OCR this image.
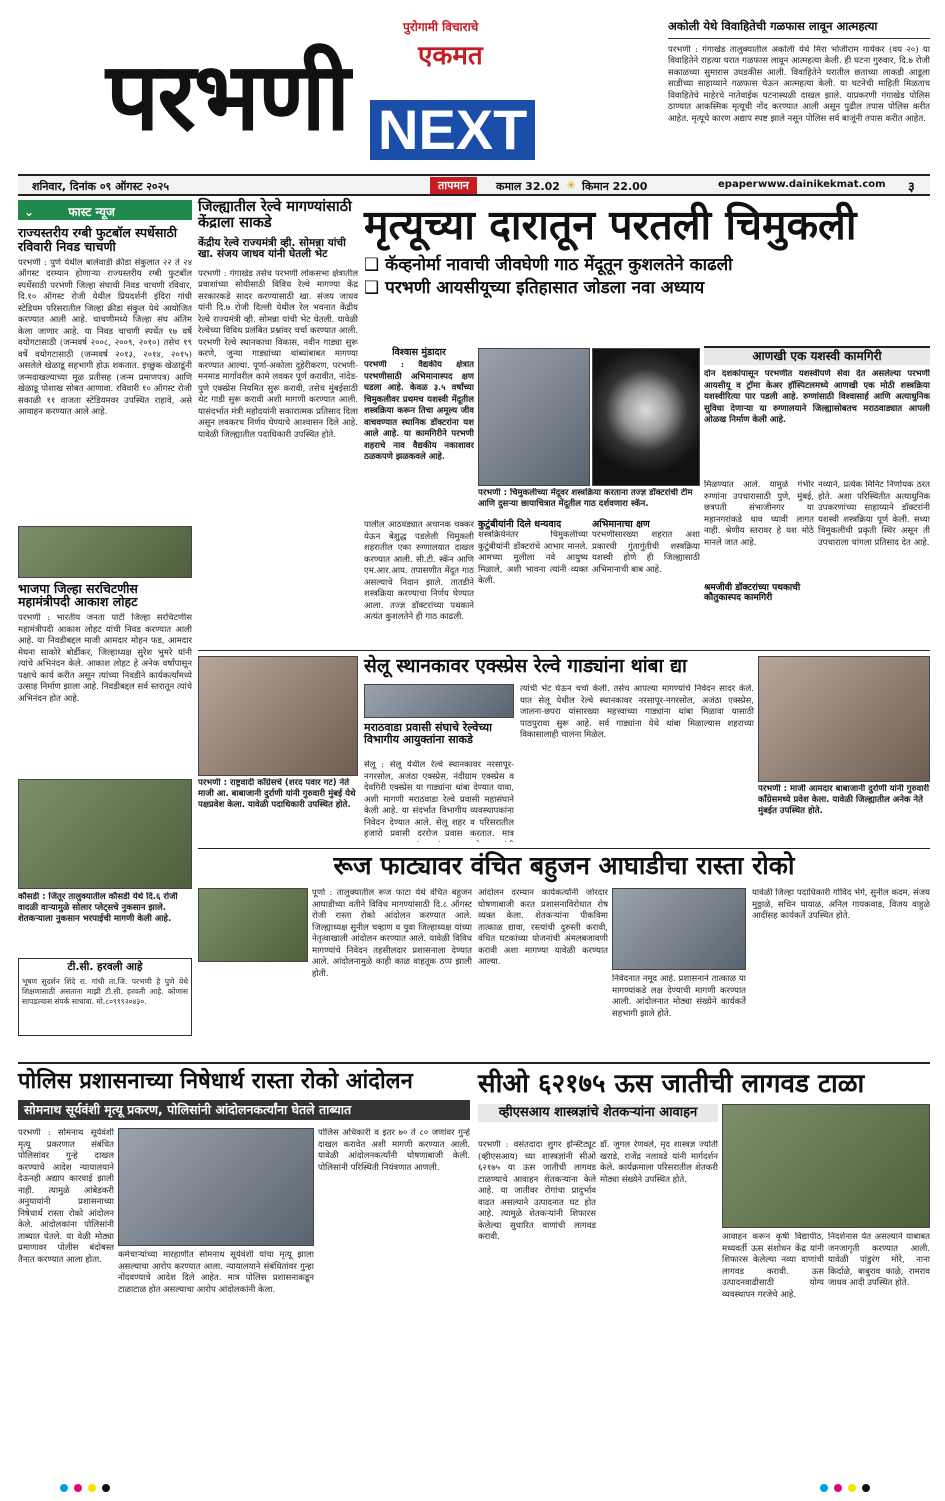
पुरोगामी विचाराचे
एकमत
परभणी NEXT
अकोली येथे विवाहितेची गळफास लावून आत्महत्या
परभणी : गंगाखेड तालुक्यातील अकोली येथे मिरा भोजीराम गायेकर (वय २०) या विवाहितेने राहत्या घरात गळफास लावून आत्महत्या केली. ही घटना गुरुवार, दि.७ रोजी सकाळच्या सुमारास उघडकीस आली. विवाहितेने घरातील छताच्या लाकडी आडूला साडीच्या साहाय्याने गळफास घेऊन आत्महत्या केली. या घटनेची माहिती मिळताच विवाहितेचे माहेरचे नातेवाईक घटनास्थळी दाखल झाले. याप्रकरणी गंगाखेड पोलिस ठाण्यात आकस्मिक मृत्यूची नोंद करण्यात आली असून पुढील तपास पोलिस करीत आहेत. मृत्यूचे कारण अद्याप स्पष्ट झाले नसून पोलिस सर्व बाजूंनी तपास करीत आहेत.
शनिवार, दिनांक ०९ ऑगस्ट २०२५	तापमान	कमाल 32.02 ☀ किमान 22.00	epaper www.dainikekmat.com ३
⌄	फास्ट न्यूज
राज्यस्तरीय रग्बी फुटबॉल स्पर्धेसाठी रविवारी निवड चाचणी
परभणी : पुणे येथील बालेवाडी क्रीडा संकुलात २२ ते २४ ऑगस्ट दरम्यान होणाऱ्या राज्यस्तरीय रग्बी फुटबॉल स्पर्धेसाठी परभणी जिल्हा संघाची निवड चाचणी रविवार, दि.१० ऑगस्ट रोजी येथील प्रियदर्शनी इंदिरा गांधी स्टेडियम परिसरातील जिल्हा क्रीडा संकुल येथे आयोजित करण्यात आली आहे. चाचणीमध्ये जिल्हा संघ अंतिम केला जाणार आहे. या निवड चाचणी स्पर्धेत १७ वर्षे वयोगटासाठी (जन्मवर्ष २००८, २००९, २०१०) तसेच १९ वर्षे वयोगटासाठी (जन्मवर्ष २०१३, २०१४, २०१५) असलेले खेळाडू सहभागी होऊ शकतात. इच्छुक खेळाडूंनी जन्मदाखल्याच्या मूळ प्रतीसह (जन्म प्रमाणपत्र) आणि खेळाडू पोशाख सोबत आणावा. रविवारी १० ऑगस्ट रोजी सकाळी ११ वाजता स्टेडियमवर उपस्थित राहावे, असे आवाहन करण्यात आले आहे.
भाजपा जिल्हा सरचिटणीस महामंत्रीपदी आकाश लोहट
परभणी : भारतीय जनता पार्टी जिल्हा सरचिटणीस महामंत्रीपदी आकाश लोहट यांची निवड करण्यात आली आहे. या निवडीबद्दल माजी आमदार मोहन फड, आमदार मेघना साकोरे बोर्डीकर, जिल्हाध्यक्ष सुरेश भुमरे यांनी त्यांचे अभिनंदन केले. आकाश लोहट हे अनेक वर्षांपासून पक्षाचे कार्य करीत असून त्यांच्या निवडीने कार्यकर्त्यांमध्ये उत्साह निर्माण झाला आहे. निवडीबद्दल सर्व स्तरातून त्यांचे अभिनंदन होत आहे.
कौसडी : जिंतूर तालुक्यातील कौसडी येथे दि.६ रोजी वादळी वाऱ्यामुळे सोलार प्लेट्सचे नुकसान झाले. शेतकऱ्याला नुकसान भरपाईची मागणी केली आहे.
टी.सी. हरवली आहे
भूषण सुदर्शन शिंदे रा. गांधी ता.जि. परभणी हे पुणे येथे शिक्षणासाठी असताना माझी टी.सी. हरवली आहे. कोणास सापडल्यास संपर्क साधावा. मो.८०९९९२०४३०.
जिल्ह्यातील रेल्वे मागण्यांसाठी केंद्राला साकडे
केंद्रीय रेल्वे राज्यमंत्री व्ही. सोमन्ना यांची खा. संजय जाधव यांनी घेतली भेट
परभणी : गंगाखेड तसेच परभणी लोकसभा क्षेत्रातील प्रवाशांच्या सोयीसाठी विविध रेल्वे मागण्या केंद्र सरकारकडे सादर करण्यासाठी खा. संजय जाधव यांनी दि.७ रोजी दिल्ली येथील रेल भवनात केंद्रीय रेल्वे राज्यमंत्री व्ही. सोमन्ना यांची भेट घेतली. यावेळी रेल्वेच्या विविध प्रलंबित प्रश्नांवर चर्चा करण्यात आली. परभणी रेल्वे स्थानकाचा विकास, नवीन गाड्या सुरू करणे, जुन्या गाड्यांच्या थांब्यांबाबत मागण्या करण्यात आल्या. पूर्णा-अकोला दुहेरीकरण, परभणी-मनमाड मार्गावरील कामे लवकर पूर्ण करावीत, नांदेड-पुणे एक्स्प्रेस नियमित सुरू करावी, तसेच मुंबईसाठी थेट गाडी सुरू करावी अशी मागणी करण्यात आली. यासंदर्भात मंत्री महोदयांनी सकारात्मक प्रतिसाद दिला असून लवकरच निर्णय घेण्याचे आश्वासन दिले आहे. यावेळी जिल्ह्यातील पदाधिकारी उपस्थित होते.
मृत्यूच्या दारातून परतली चिमुकली
❑ कॅव्हनोर्मा नावाची जीवघेणी गाठ मेंदूतून कुशलतेने काढली
❑ परभणी आयसीयूच्या इतिहासात जोडला नवा अध्याय
विश्वास मुंडादार
परभणी : वैद्यकीय क्षेत्रात परभणीसाठी अभिमानास्पद क्षण घडला आहे. केवळ ३.५ वर्षांच्या चिमुकलीवर प्रथमच यशस्वी मेंदूतील शस्त्रक्रिया करून तिचा अमूल्य जीव वाचवण्यात स्थानिक डॉक्टरांना यश आले आहे. या कामगिरीने परभणी शहराचे नाव वैद्यकीय नकाशावर ठळकपणे झळकवले आहे.
परभणी : चिमुकलीच्या मेंदूवर शस्त्रक्रिया करताना तज्ज्ञ डॉक्टरांची टीम आणि दुसऱ्या छायाचित्रात मेंदूतील गाठ दर्शवणारा स्कॅन.
आणखी एक यशस्वी कामगिरी
दोन दशकांपासून परभणीत यशस्वीपणे सेवा देत असलेल्या परभणी आयसीयू व ट्रॉमा केअर हॉस्पिटलमध्ये आणखी एक मोठी शस्त्रक्रिया यशस्वीरित्या पार पडली आहे. रुग्णांसाठी विश्वासार्ह आणि अत्याधुनिक सुविधा देणाऱ्या या रुग्णालयाने जिल्ह्यासोबतच मराठवाड्यात आपली ओळख निर्माण केली आहे.
पालील आठवड्यात अचानक चक्कर येऊन बेशुद्ध पडलेली चिमुकली शहरातील एका रुग्णालयात दाखल करण्यात आली. सी.टी. स्कॅन आणि एम.आर.आय. तपासणीत मेंदूत गाठ असल्याचे निदान झाले. तातडीने शस्त्रक्रिया करण्याचा निर्णय घेण्यात आला. तज्ज्ञ डॉक्टरांच्या पथकाने अत्यंत कुशलतेने ही गाठ काढली.
कुटुंबीयांनी दिले धन्यवाद
शस्त्रक्रियेनंतर चिमुकलीच्या कुटुंबीयांनी डॉक्टरांचे आभार मानले. आमच्या मुलीला नवे आयुष्य मिळाले, अशी भावना त्यांनी व्यक्त केली.
अभिमानाचा क्षण
परभणीसारख्या शहरात अशा प्रकारची गुंतागुंतीची शस्त्रक्रिया यशस्वी होणे ही जिल्ह्यासाठी अभिमानाची बाब आहे.
मिळण्यात आले. यामुळे गंभीर रुग्णांना उपचारासाठी पुणे, मुंबई, छत्रपती संभाजीनगर या महानगरांकडे धाव घ्यावी लागत नाही. श्रेणीय स्तरावर हे यश मोठे मानले जात आहे.
श्रमजीवी डॉक्टरांच्या पथकाची कौतुकास्पद कामगिरी
नव्याने, प्रत्येक मिनिट निर्णायक ठरत होते. अशा परिस्थितीत अत्याधुनिक उपकरणांच्या साहाय्याने डॉक्टरांनी यशस्वी शस्त्रक्रिया पूर्ण केली. सध्या चिमुकलीची प्रकृती स्थिर असून ती उपचाराला चांगला प्रतिसाद देत आहे.
परभणी : राष्ट्रवादी काँग्रेसचे (शरद पवार गट) नेते माजी आ. बाबाजानी दुर्राणी यांनी गुरुवारी मुंबई येथे पक्षप्रवेश केला. यावेळी पदाधिकारी उपस्थित होते.
सेलू स्थानकावर एक्स्प्रेस रेल्वे गाड्यांना थांबा द्या
मराठवाडा प्रवासी संघाचे रेल्वेच्या विभागीय आयुक्तांना साकडे
सेलू : सेलू येथील रेल्वे स्थानकावर नरसापूर-नगरसोल, अजंठा एक्स्प्रेस, नंदीग्राम एक्स्प्रेस व देवगिरी एक्स्प्रेस या गाड्यांना थांबा देण्यात यावा, अशी मागणी मराठवाडा रेल्वे प्रवासी महासंघाने केली आहे. या संदर्भात विभागीय व्यवस्थापकांना निवेदन देण्यात आले. सेलू शहर व परिसरातील हजारो प्रवासी दररोज प्रवास करतात. मात्र
त्यांची भेट घेऊन चर्चा केली. तसेच आपल्या मागण्यांचे निवेदन सादर केले. यात सेलू येथील रेल्वे स्थानकावर नरसापूर-नगरसोल, अजंठा एक्स्प्रेस, जालना-छपरा यांसारख्या महत्त्वाच्या गाड्यांना थांबा मिळावा यासाठी पाठपुरावा सुरू आहे. सर्व गाड्यांना येथे थांबा मिळाल्यास शहराच्या विकासालाही चालना मिळेल.
परभणी : माजी आमदार बाबाजानी दुर्राणी यांनी गुरुवारी काँग्रेसमध्ये प्रवेश केला. यावेळी जिल्ह्यातील अनेक नेते मुंबईत उपस्थित होते.
रूज फाट्यावर वंचित बहुजन आघाडीचा रास्ता रोको
पूर्णा : तालुक्यातील रूज फाटा येथे वंचित बहुजन आघाडीच्या वतीने विविध मागण्यांसाठी दि.८ ऑगस्ट रोजी रास्ता रोको आंदोलन करण्यात आले. जिल्ह्याध्यक्ष सुनील चव्हाण व युवा जिल्हाध्यक्ष यांच्या नेतृत्वाखाली आंदोलन करण्यात आले. यावेळी विविध मागण्यांचे निवेदन तहसीलदार प्रशासनाला देण्यात आले. आंदोलनामुळे काही काळ वाहतूक ठप्प झाली होती.
आंदोलन दरम्यान कार्यकर्त्यांनी जोरदार घोषणाबाजी करत प्रशासनाविरोधात रोष व्यक्त केला. शेतकऱ्यांना पीकविमा तात्काळ द्यावा, रस्त्यांची दुरुस्ती करावी, वंचित घटकांच्या योजनांची अंमलबजावणी करावी अशा मागण्या यावेळी करण्यात आल्या.
निवेदनात नमूद आहे. प्रशासनाने तात्काळ या मागण्यांकडे लक्ष देण्याची मागणी करण्यात आली. आंदोलनात मोठ्या संख्येने कार्यकर्ते सहभागी झाले होते.
यावेळी जिल्हा पदाधिकारी गोविंद भेगे, सुनील कदम, संजय मुठ्ठाळे, सचिन घायाळ, अनिल गायकवाड, विजय वाहुळे आदींसह कार्यकर्ते उपस्थित होते.
पोलिस प्रशासनाच्या निषेधार्थ रास्ता रोको आंदोलन
सोमनाथ सूर्यवंशी मृत्यू प्रकरण, पोलिसांनी आंदोलनकर्त्यांना घेतले ताब्यात
परभणी : सोमनाथ सूर्यवंशी मृत्यू प्रकरणात संबंधित पोलिसांवर गुन्हे दाखल करण्याचे आदेश न्यायालयाने देऊनही अद्याप कारवाई झाली नाही. त्यामुळे आंबेडकरी अनुयायांनी प्रशासनाच्या निषेधार्थ रास्ता रोको आंदोलन केले. आंदोलकांना पोलिसांनी ताब्यात घेतले. या वेळी मोठ्या प्रमाणावर पोलीस बंदोबस्त तैनात करण्यात आला होता.	कर्मचाऱ्यांच्या मारहाणीत सोमनाथ सूर्यवंशी यांचा मृत्यू झाला असल्याचा आरोप करण्यात आला. न्यायालयाने संबंधितांवर गुन्हा नोंदवण्याचे आदेश दिले आहेत. मात्र पोलिस प्रशासनाकडून टाळाटाळ होत असल्याचा आरोप आंदोलकांनी केला.
पोलिस अधिकारी व इतर ७० ते ८० जणांवर गुन्हे दाखल करावेत अशी मागणी करण्यात आली. यावेळी आंदोलनकर्त्यांनी घोषणाबाजी केली. पोलिसांनी परिस्थिती नियंत्रणात आणली.
सीओ ६२१७५ ऊस जातीची लागवड टाळा
व्हीएसआय शास्त्रज्ञांचे शेतकऱ्यांना आवाहन
परभणी : वसंतदादा शुगर इन्स्टिट्यूट (व्हीएसआय) च्या शास्त्रज्ञांनी सीओ ६२१७५ या ऊस जातीची लागवड टाळण्याचे आवाहन शेतकऱ्यांना केले आहे. या जातीवर रोगांचा प्रादुर्भाव वाढत असल्याने उत्पादनात घट होत आहे. त्यामुळे शेतकऱ्यांनी शिफारस केलेल्या सुधारित वाणांची लागवड करावी.
डॉ. जुगल रेणवले, मृद शास्त्रज्ञ ज्योती खराडे, राजेंद्र नलावडे यांनी मार्गदर्शन केले. कार्यक्रमाला परिसरातील शेतकरी मोठ्या संख्येने उपस्थित होते.
आवाहन करून कृषी विद्यापीठ, मध्यवर्ती ऊस संशोधन केंद्र यांनी शिफारस केलेल्या नव्या वाणांची लागवड करावी. ऊस उत्पादनवाढीसाठी योग्य व्यवस्थापन गरजेचे आहे.
निदर्शनास येत असल्याने याबाबत जनजागृती करण्यात आली. यावेळी पांडुरंग मोरे, नाना किर्दाळे, बाबुराव काळे, रामराव जाधव आदी उपस्थित होते.
